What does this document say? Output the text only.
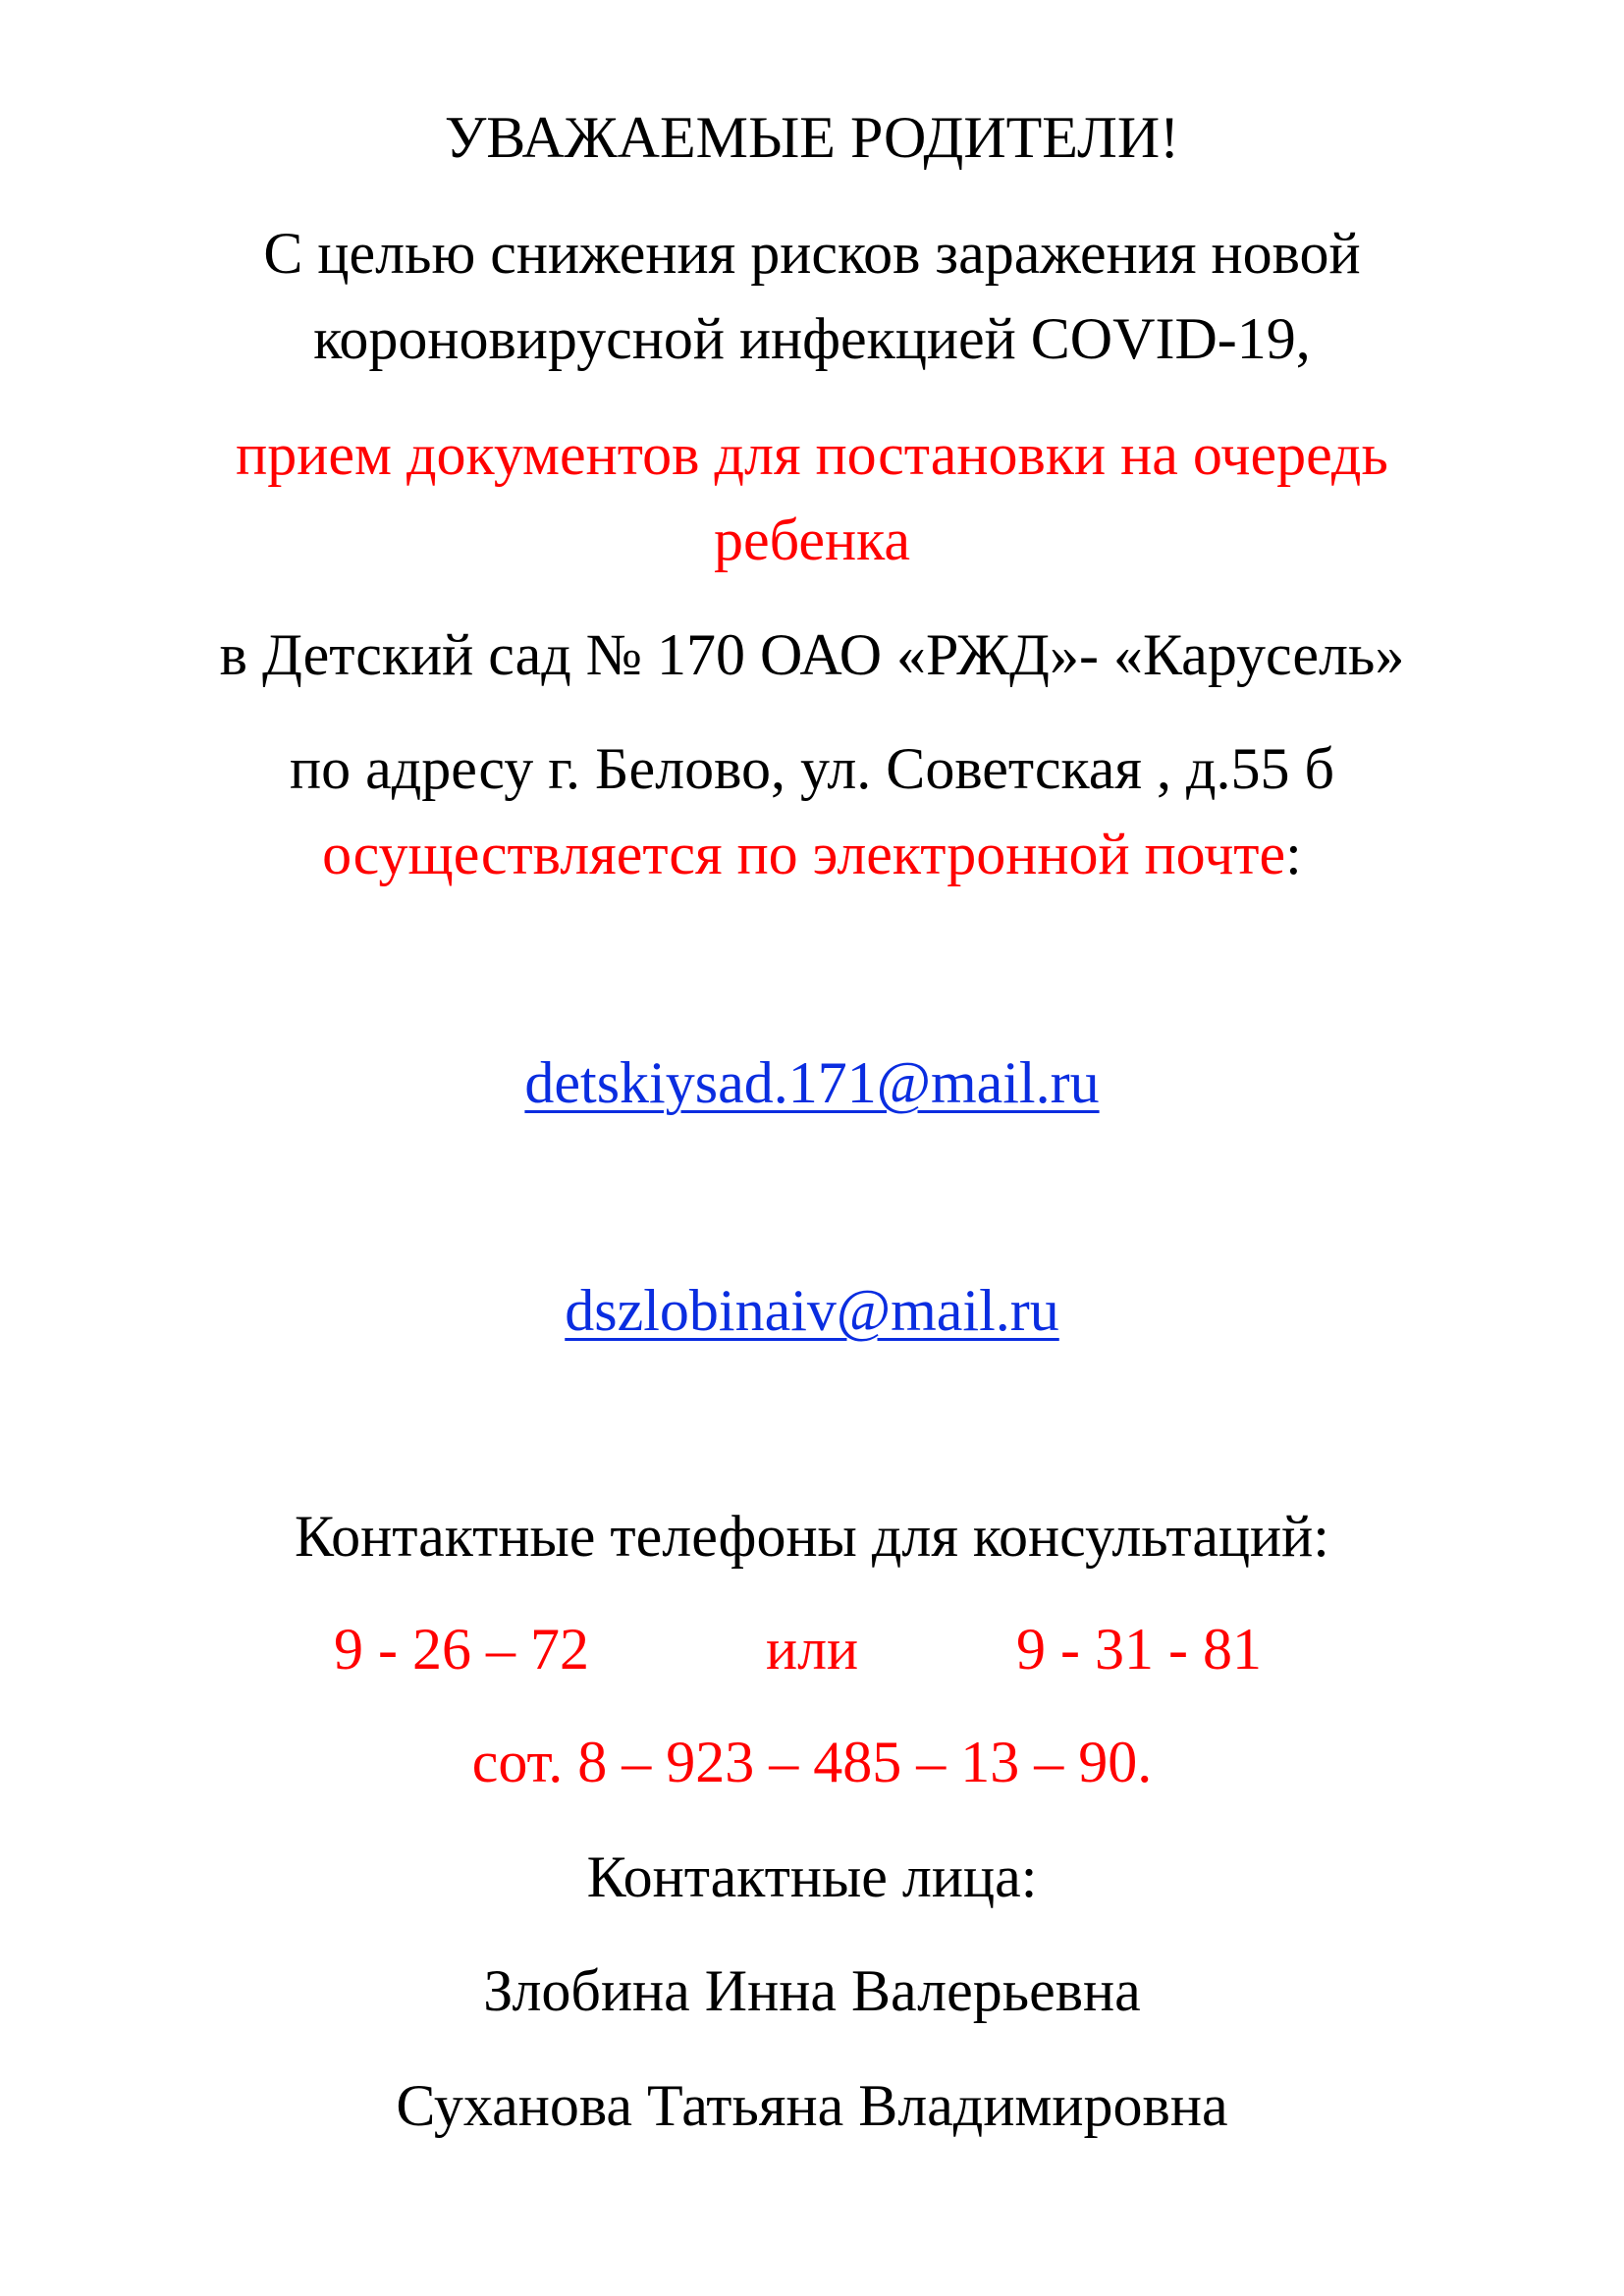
УВАЖАЕМЫЕ РОДИТЕЛИ!
С целью снижения рисков заражения новой
короновирусной инфекцией COVID-19,
прием документов для постановки на очередь
ребенка
в Детский сад № 170 ОАО «РЖД»- «Карусель»
по адресу г. Белово, ул. Советская , д.55 б
осуществляется по электронной почте:
detskiysad.171@mail.ru
dszlobinaiv@mail.ru
Контактные телефоны для консультаций:
9 - 26 – 72	или	9 - 31 - 81
сот. 8 – 923 – 485 – 13 – 90.
Контактные лица:
Злобина Инна Валерьевна
Суханова Татьяна Владимировна
